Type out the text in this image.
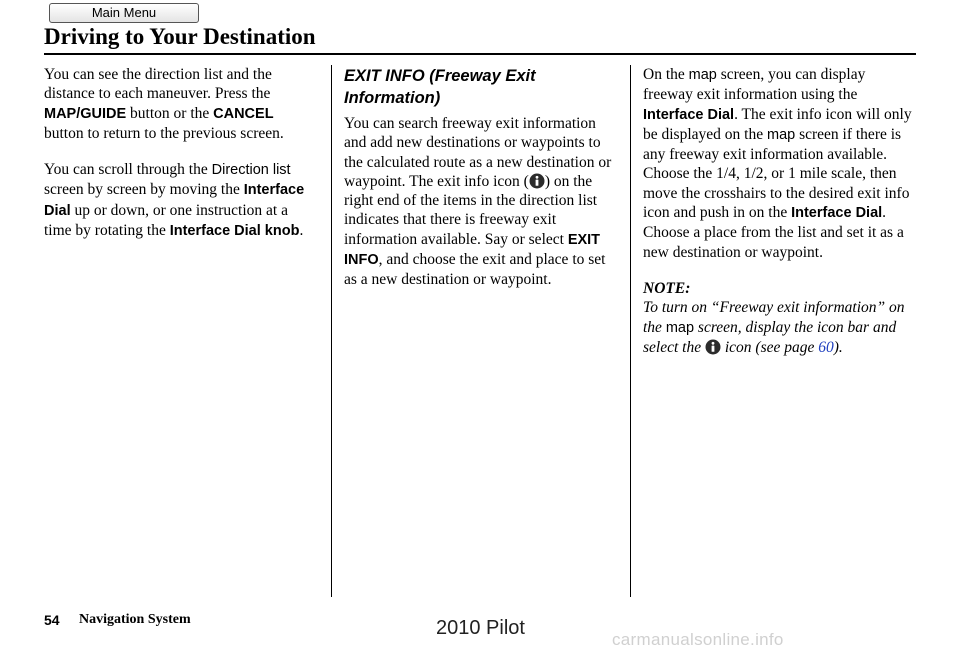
Main Menu
Driving to Your Destination

You can see the direction list and the distance to each maneuver. Press the MAP/GUIDE button or the CANCEL button to return to the previous screen.

You can scroll through the Direction list screen by screen by moving the Interface Dial up or down, or one instruction at a time by rotating the Interface Dial knob.

EXIT INFO (Freeway Exit Information)

You can search freeway exit information and add new destinations or waypoints to the calculated route as a new destination or waypoint. The exit info icon ( ) on the right end of the items in the direction list indicates that there is freeway exit information available. Say or select EXIT INFO, and choose the exit and place to set as a new destination or waypoint.

On the map screen, you can display freeway exit information using the Interface Dial. The exit info icon will only be displayed on the map screen if there is any freeway exit information available. Choose the 1/4, 1/2, or 1 mile scale, then move the crosshairs to the desired exit info icon and push in on the Interface Dial. Choose a place from the list and set it as a new destination or waypoint.

NOTE:
To turn on “Freeway exit information” on the map screen, display the icon bar and select the  icon (see page 60).
54 Navigation System	2010 Pilot
carmanualsonline.info
